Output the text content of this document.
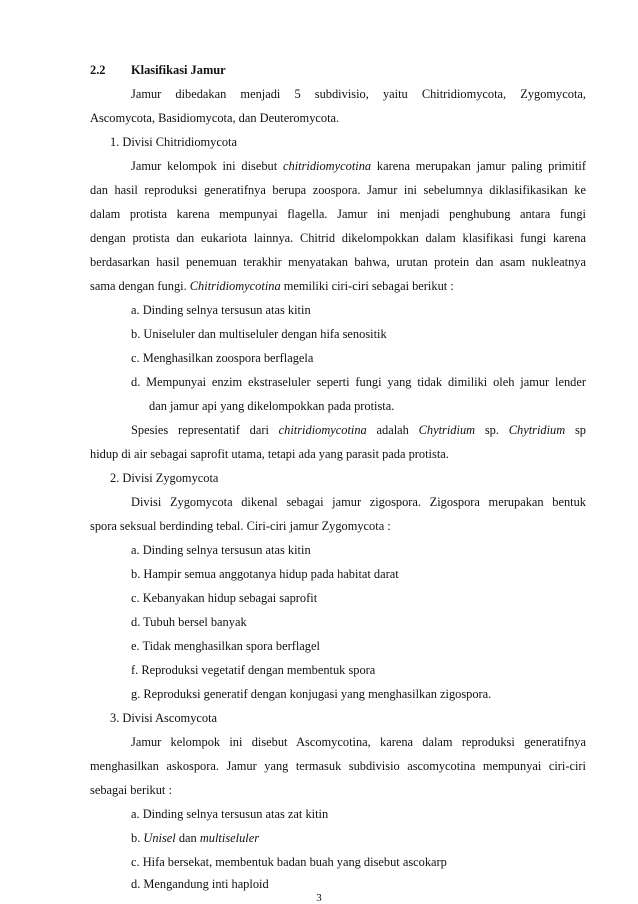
2.2 Klasifikasi Jamur
Jamur dibedakan menjadi 5 subdivisio, yaitu Chitridiomycota, Zygomycota,
Ascomycota, Basidiomycota, dan Deuteromycota.
1. Divisi Chitridiomycota
Jamur kelompok ini disebut chitridiomycotina karena merupakan jamur paling primitif
dan hasil reproduksi generatifnya berupa zoospora. Jamur ini sebelumnya diklasifikasikan ke
dalam protista karena mempunyai flagella. Jamur ini menjadi penghubung antara fungi
dengan protista dan eukariota lainnya. Chitrid dikelompokkan dalam klasifikasi fungi karena
berdasarkan hasil penemuan terakhir menyatakan bahwa, urutan protein dan asam nukleatnya
sama dengan fungi. Chitridiomycotina memiliki ciri-ciri sebagai berikut :
a. Dinding selnya tersusun atas kitin
b. Uniseluler dan multiseluler dengan hifa senositik
c. Menghasilkan zoospora berflagela
d. Mempunyai enzim ekstraseluler seperti fungi yang tidak dimiliki oleh jamur lender
dan jamur api yang dikelompokkan pada protista.
Spesies representatif dari chitridiomycotina adalah Chytridium sp. Chytridium sp
hidup di air sebagai saprofit utama, tetapi ada yang parasit pada protista.
2. Divisi Zygomycota
Divisi Zygomycota dikenal sebagai jamur zigospora. Zigospora merupakan bentuk
spora seksual berdinding tebal. Ciri-ciri jamur Zygomycota :
a. Dinding selnya tersusun atas kitin
b. Hampir semua anggotanya hidup pada habitat darat
c. Kebanyakan hidup sebagai saprofit
d. Tubuh bersel banyak
e. Tidak menghasilkan spora berflagel
f. Reproduksi vegetatif dengan membentuk spora
g. Reproduksi generatif dengan konjugasi yang menghasilkan zigospora.
3. Divisi Ascomycota
Jamur kelompok ini disebut Ascomycotina, karena dalam reproduksi generatifnya
menghasilkan askospora. Jamur yang termasuk subdivisio ascomycotina mempunyai ciri-ciri
sebagai berikut :
a. Dinding selnya tersusun atas zat kitin
b. Unisel dan multiseluler
c. Hifa bersekat, membentuk badan buah yang disebut ascokarp
d. Mengandung inti haploid
3
